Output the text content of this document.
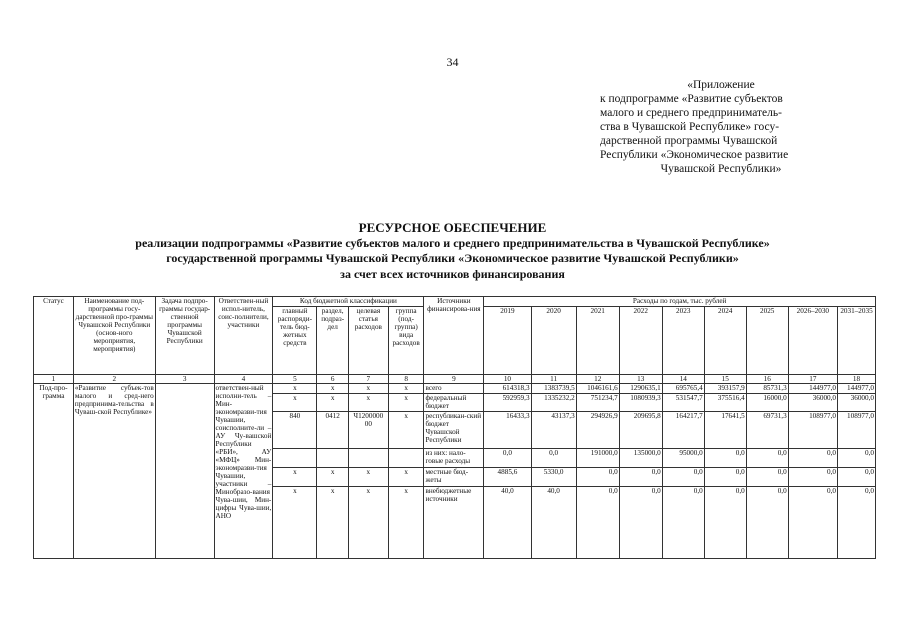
34
«Приложение
к подпрограмме «Развитие субъектов
малого и среднего предприниматель-
ства в Чувашской Республике» госу-
дарственной программы Чувашской
Республики «Экономическое развитие
Чувашской Республики»
РЕСУРСНОЕ ОБЕСПЕЧЕНИЕ
реализации подпрограммы «Развитие субъектов малого и среднего предпринимательства в Чувашской Республике»
государственной программы Чувашской Республики «Экономическое развитие Чувашской Республики»
за счет всех источников финансирования
Статус	Наименование под-программы госу-дарственной про-граммы Чувашской Республики (основ-ного мероприятия, мероприятия)	Задача подпро-граммы государ-ственной программы Чувашской Республики	Ответствен-ный испол-нитель, соис-полнители, участники	Код бюджетной классификации				Источники финансирова-ния	Расходы по годам, тыс. рублей								
				главный распоряди-тель бюд-жетных средств	раздел, подраз-дел	целевая статья расходов	группа (под-группа) вида расходов		2019	2020	2021	2022	2023	2024	2025	2026–2030	2031–2035
1	2	3	4	5	6	7	8	9	10	11	12	13	14	15	16	17	18
Под-про-грамма	«Развитие субъек-тов малого и сред-него предпринима-тельства в Чуваш-ской Республике»		ответствен-ный исполни-тель – Мин-экономразви-тия Чувашии, соисполните-ли – АУ Чу-вашской Республики «РБИ», АУ «МФЦ» Мин-экономразви-тия Чувашии, участники – Минобразо-вания Чува-шии, Мин-цифры Чува-шии, АНО	x	x	x	x	всего	614318,3	1383739,5	1046161,6	1290635,1	695765,4	393157,9	85731,3	144977,0	144977,0
				x	x	x	x	федеральный бюджет	592959,3	1335232,2	751234,7	1080939,3	531547,7	375516,4	16000,0	36000,0	36000,0
				840	0412	Ч1200000 00	x	республикан-ский бюджет Чувашской Республики	16433,3	43137,3	294926,9	209695,8	164217,7	17641,5	69731,3	108977,0	108977,0
								из них: нало-говые расходы	0,0	0,0	191000,0	135000,0	95000,0	0,0	0,0	0,0	0,0
				x	x	x	x	местные бюд-жеты	4885,6	5330,0	0,0	0,0	0,0	0,0	0,0	0,0	0,0
				x	x	x	x	внебюджетные источники	40,0	40,0	0,0	0,0	0,0	0,0	0,0	0,0	0,0
